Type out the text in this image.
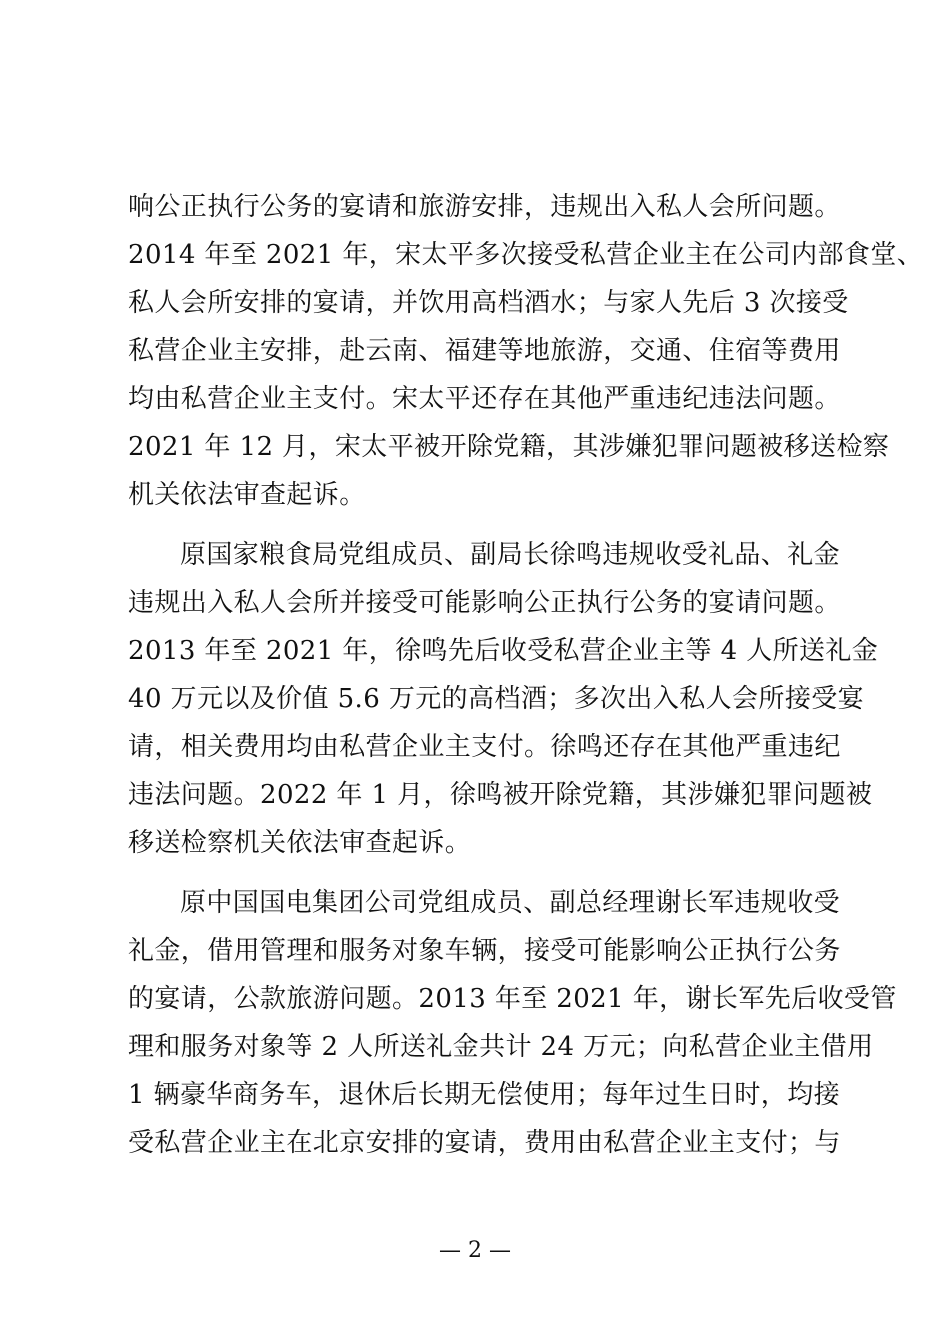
响公正执行公务的宴请和旅游安排，违规出入私人会所问题。
2014 年至 2021 年，宋太平多次接受私营企业主在公司内部食堂、
私人会所安排的宴请，并饮用高档酒水；与家人先后 3 次接受
私营企业主安排，赴云南、福建等地旅游，交通、住宿等费用
均由私营企业主支付。宋太平还存在其他严重违纪违法问题。
2021 年 12 月，宋太平被开除党籍，其涉嫌犯罪问题被移送检察
机关依法审查起诉。
原国家粮食局党组成员、副局长徐鸣违规收受礼品、礼金
违规出入私人会所并接受可能影响公正执行公务的宴请问题。
2013 年至 2021 年，徐鸣先后收受私营企业主等 4 人所送礼金
40 万元以及价值 5.6 万元的高档酒；多次出入私人会所接受宴
请，相关费用均由私营企业主支付。徐鸣还存在其他严重违纪
违法问题。2022 年 1 月，徐鸣被开除党籍，其涉嫌犯罪问题被
移送检察机关依法审查起诉。
原中国国电集团公司党组成员、副总经理谢长军违规收受
礼金，借用管理和服务对象车辆，接受可能影响公正执行公务
的宴请，公款旅游问题。2013 年至 2021 年，谢长军先后收受管
理和服务对象等 2 人所送礼金共计 24 万元；向私营企业主借用
1 辆豪华商务车，退休后长期无偿使用；每年过生日时，均接
受私营企业主在北京安排的宴请，费用由私营企业主支付；与
— 2 —
